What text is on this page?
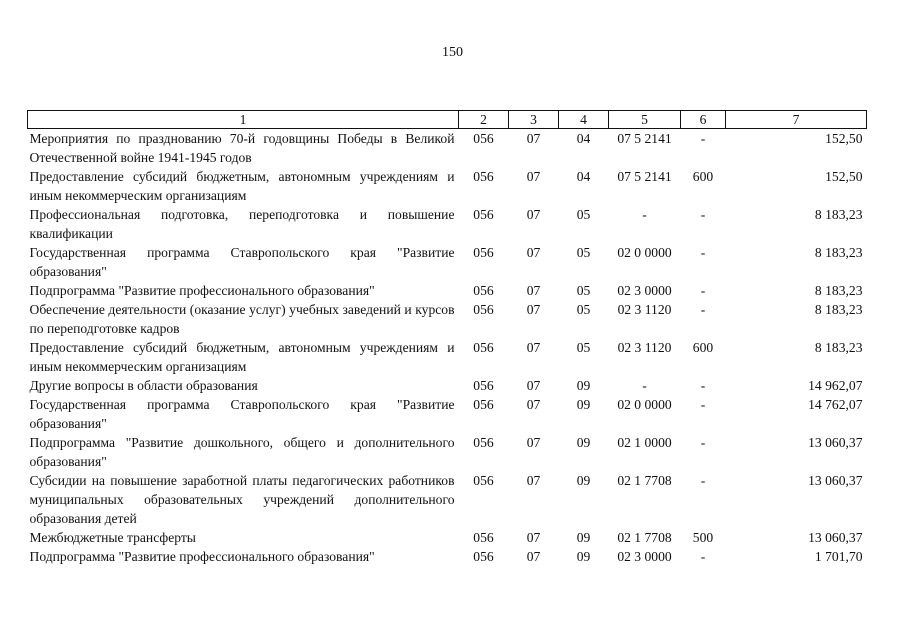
150
1	2	3	4	5	6	7
Мероприятия по празднованию 70-й годовщины Победы в Великой Отечественной войне 1941-1945 годов	056	07	04	07 5 2141	-	152,50
Предоставление субсидий бюджетным, автономным учреждениям и иным некоммерческим организациям	056	07	04	07 5 2141	600	152,50
Профессиональная подготовка, переподготовка и повышение квалификации	056	07	05	-	-	8 183,23
Государственная программа Ставропольского края "Развитие образования"	056	07	05	02 0 0000	-	8 183,23
Подпрограмма "Развитие профессионального образования"	056	07	05	02 3 0000	-	8 183,23
Обеспечение деятельности (оказание услуг) учебных заведений и курсов по переподготовке кадров	056	07	05	02 3 1120	-	8 183,23
Предоставление субсидий бюджетным, автономным учреждениям и иным некоммерческим организациям	056	07	05	02 3 1120	600	8 183,23
Другие вопросы в области образования	056	07	09	-	-	14 962,07
Государственная программа Ставропольского края "Развитие образования"	056	07	09	02 0 0000	-	14 762,07
Подпрограмма "Развитие дошкольного, общего и дополнительного образования"	056	07	09	02 1 0000	-	13 060,37
Субсидии на повышение заработной платы педагогических работников муниципальных образовательных учреждений дополнительного образования детей	056	07	09	02 1 7708	-	13 060,37
Межбюджетные трансферты	056	07	09	02 1 7708	500	13 060,37
Подпрограмма "Развитие профессионального образования"	056	07	09	02 3 0000	-	1 701,70
